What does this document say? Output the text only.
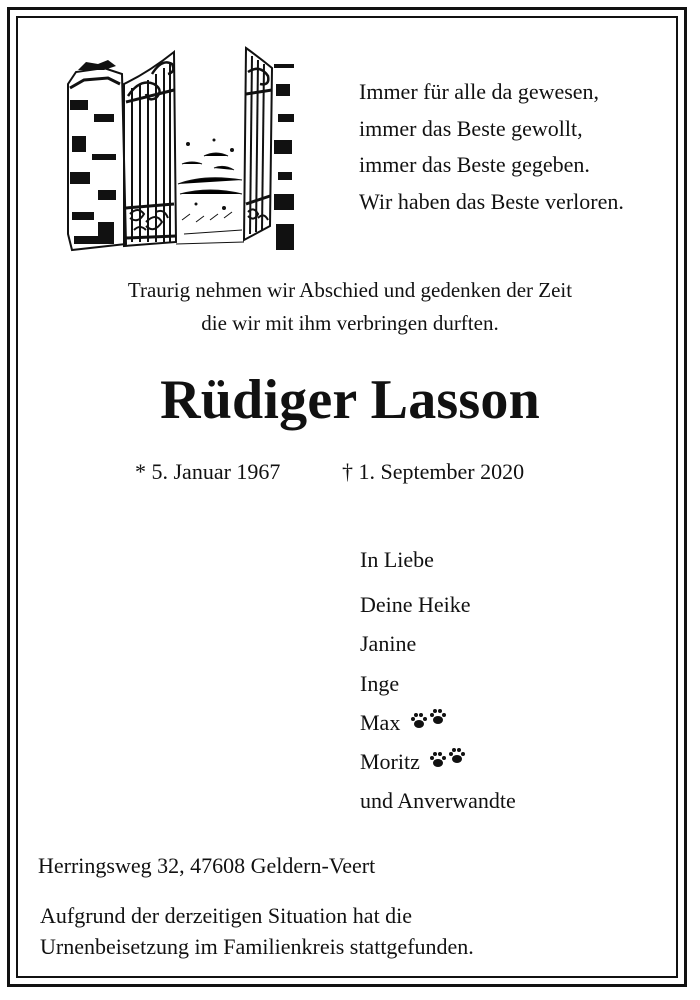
Immer für alle da gewesen,
immer das Beste gewollt,
immer das Beste gegeben.
Wir haben das Beste verloren.
Traurig nehmen wir Abschied und gedenken der Zeit
die wir mit ihm verbringen durften.
Rüdiger Lasson
* 5. Januar 1967	† 1. September 2020
In Liebe
Deine Heike
Janine
Inge
Max
Moritz
und Anverwandte
Herringsweg 32, 47608 Geldern-Veert
Aufgrund der derzeitigen Situation hat die
Urnenbeisetzung im Familienkreis stattgefunden.
